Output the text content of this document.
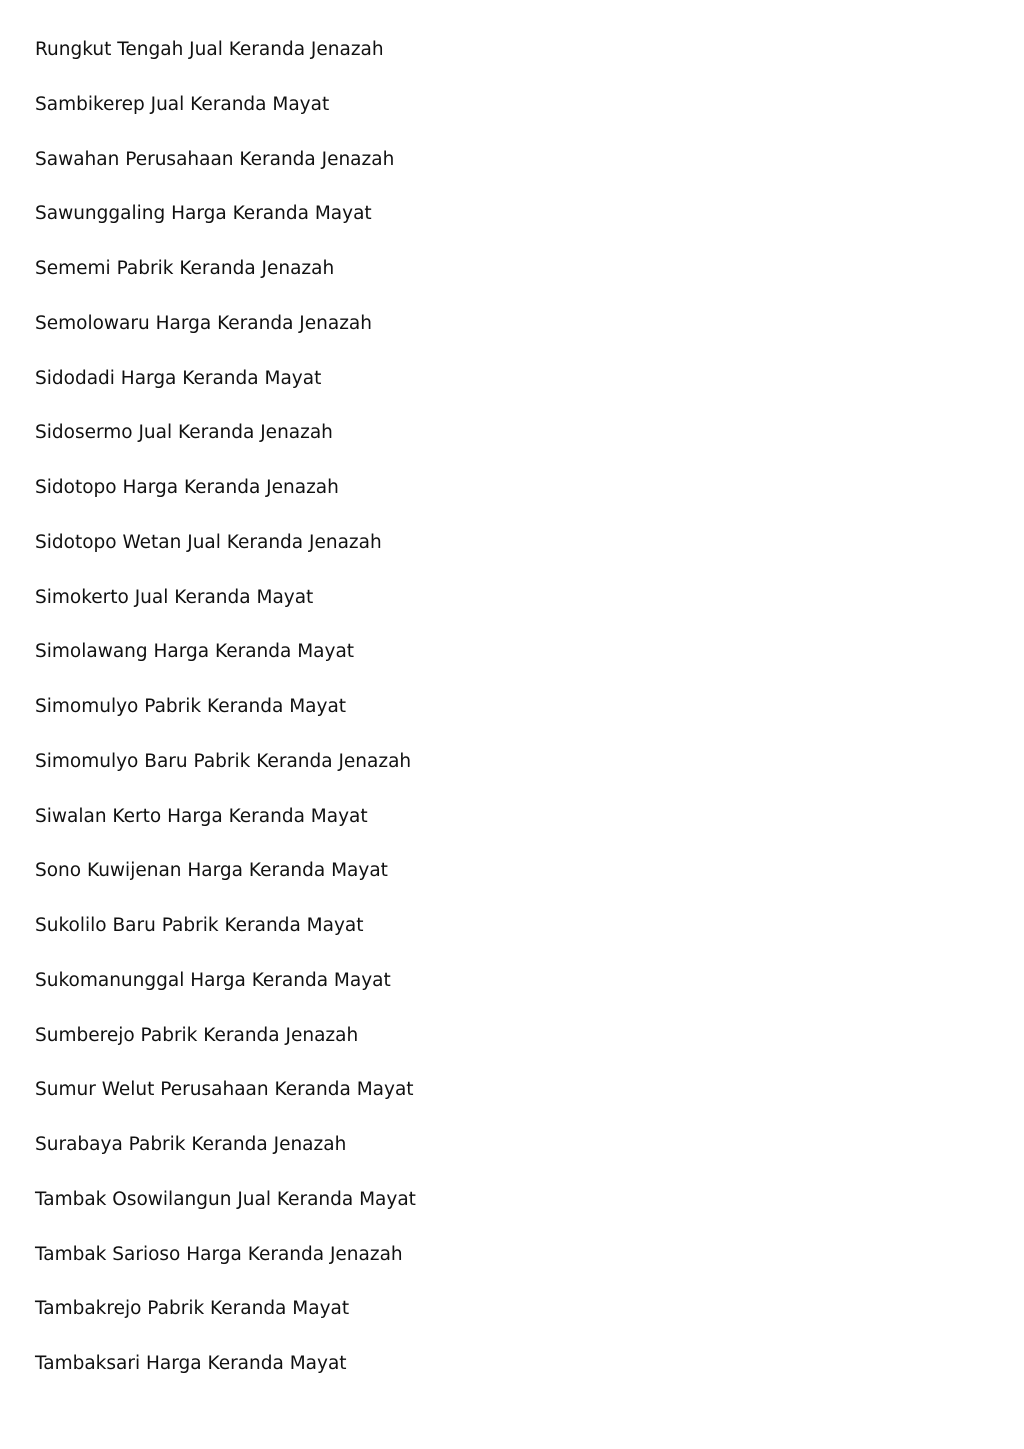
Rungkut Tengah Jual Keranda Jenazah
Sambikerep Jual Keranda Mayat
Sawahan Perusahaan Keranda Jenazah
Sawunggaling Harga Keranda Mayat
Sememi Pabrik Keranda Jenazah
Semolowaru Harga Keranda Jenazah
Sidodadi Harga Keranda Mayat
Sidosermo Jual Keranda Jenazah
Sidotopo Harga Keranda Jenazah
Sidotopo Wetan Jual Keranda Jenazah
Simokerto Jual Keranda Mayat
Simolawang Harga Keranda Mayat
Simomulyo Pabrik Keranda Mayat
Simomulyo Baru Pabrik Keranda Jenazah
Siwalan Kerto Harga Keranda Mayat
Sono Kuwijenan Harga Keranda Mayat
Sukolilo Baru Pabrik Keranda Mayat
Sukomanunggal Harga Keranda Mayat
Sumberejo Pabrik Keranda Jenazah
Sumur Welut Perusahaan Keranda Mayat
Surabaya Pabrik Keranda Jenazah
Tambak Osowilangun Jual Keranda Mayat
Tambak Sarioso Harga Keranda Jenazah
Tambakrejo Pabrik Keranda Mayat
Tambaksari Harga Keranda Mayat
